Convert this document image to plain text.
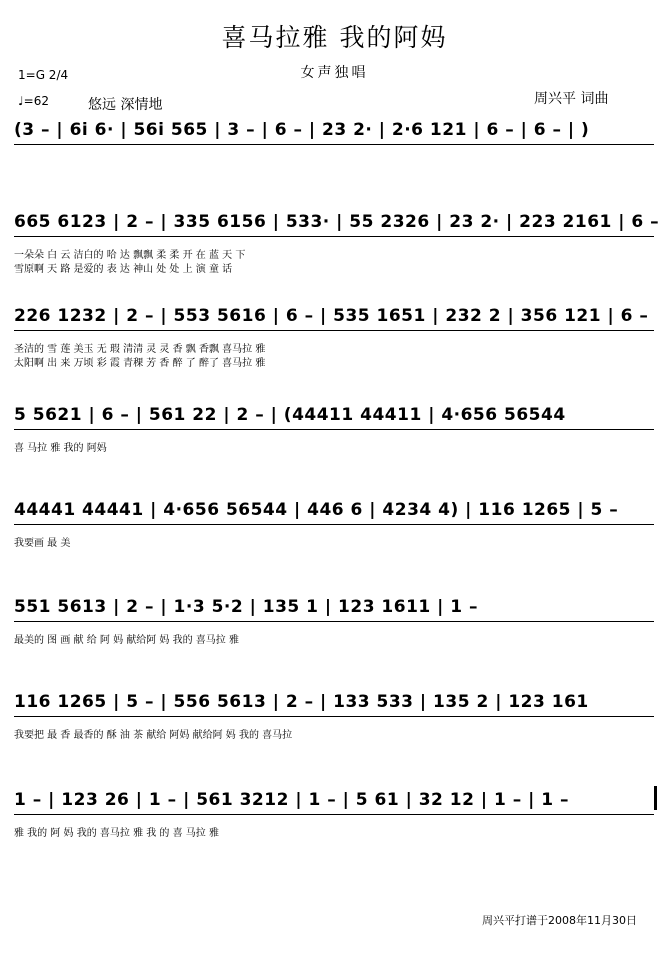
喜马拉雅 我的阿妈
女声独唱
1=G 2/4
♩=62	悠远 深情地	周兴平 词曲
(3 – | 6i 6· | 56i 565 | 3 – | 6 – | 23 2· | 2·6 121 | 6 – | 6 – | )
665 6123 | 2 – | 335 6156 | 533· | 55 2326 | 23 2· | 223 2161 | 6 –
一朵朵 白 云 洁白的 哈 达 飘飘 柔 柔 开 在 蓝 天 下
雪原啊 天 路 是爱的 表 达 神山 处 处 上 演 童 话
226 1232 | 2 – | 553 5616 | 6 – | 535 1651 | 232 2 | 356 121 | 6 –
圣洁的 雪 莲 美玉 无 瑕 清清 灵 灵 香 飘 香飘 喜马拉 雅
太阳啊 出 来 万顷 彩 霞 青稞 芳 香 醉 了 醉了 喜马拉 雅
5 5621 | 6 – | 561 22 | 2 – | (44411 44411 | 4·656 56544
喜 马拉 雅 我的 阿妈
44441 44441 | 4·656 56544 | 446 6 | 4234 4) | 116 1265 | 5 –
我要画 最 美
551 5613 | 2 – | 1·3 5·2 | 135 1 | 123 1611 | 1 –
最美的 图 画 献 给 阿 妈 献给阿 妈 我的 喜马拉 雅
116 1265 | 5 – | 556 5613 | 2 – | 133 533 | 135 2 | 123 161
我要把 最 香 最香的 酥 油 茶 献给 阿妈 献给阿 妈 我的 喜马拉
1 – | 123 26 | 1 – | 561 3212 | 1 – | 5 61 | 32 12 | 1 – | 1 –
雅 我的 阿 妈 我的 喜马拉 雅 我 的 喜 马拉 雅
周兴平打谱于2008年11月30日
